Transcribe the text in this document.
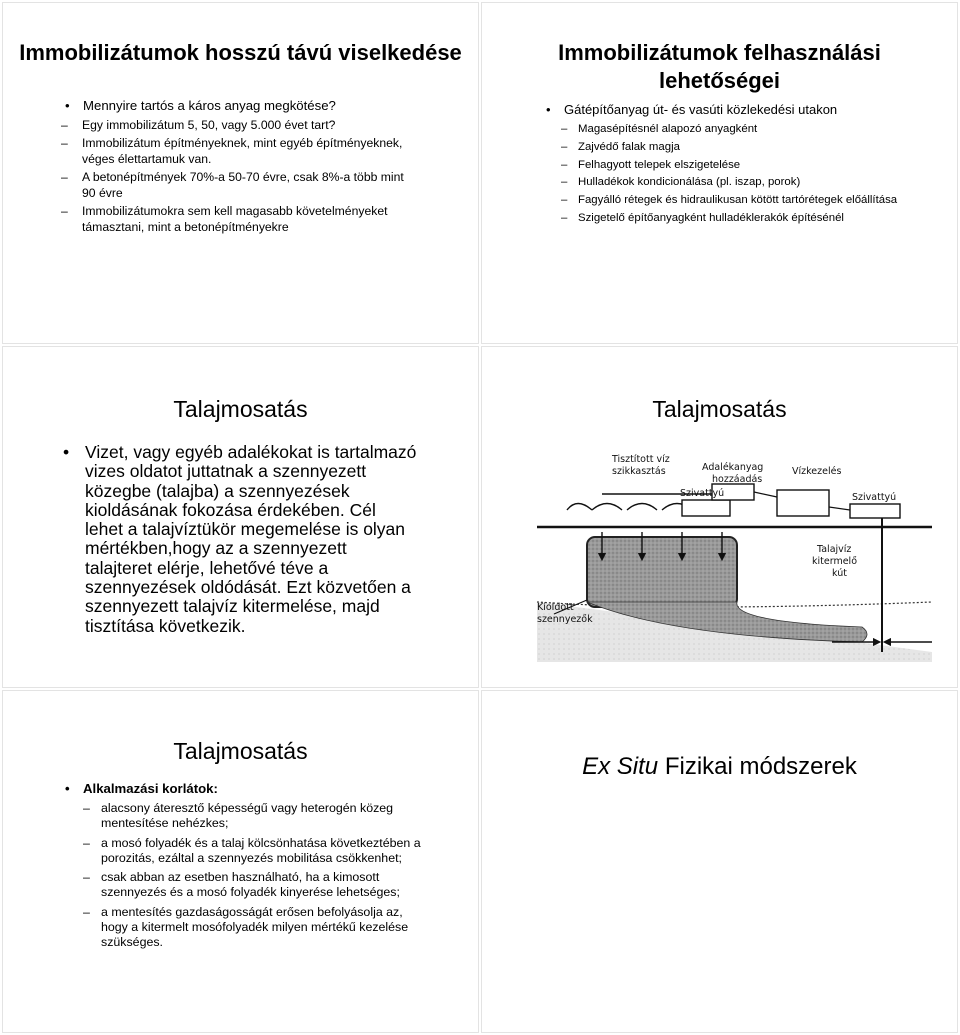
Immobilizátumok hosszú távú viselkedése
• Mennyire tartós a káros anyag megkötése?
– Egy immobilizátum 5, 50, vagy 5.000 évet tart?
– Immobilizátum építményeknek, mint egyéb építményeknek, véges élettartamuk van.
– A betonépítmények 70%-a 50-70 évre, csak 8%-a több mint 90 évre
– Immobilizátumokra sem kell magasabb követelményeket támasztani, mint a betonépítményekre
Immobilizátumok felhasználási lehetőségei
• Gátépítőanyag út- és vasúti közlekedési utakon
– Magasépítésnél alapozó anyagként
– Zajvédő falak magja
– Felhagyott telepek elszigetelése
– Hulladékok kondicionálása (pl. iszap, porok)
– Fagyálló rétegek és hidraulikusan kötött tartórétegek előállítása
– Szigetelő építőanyagként hulladéklerakók építésénél
Talajmosatás
• Vizet, vagy egyéb adalékokat is tartalmazó vizes oldatot juttatnak a szennyezett közegbe (talajba) a szennyezések kioldásának fokozása érdekében. Cél lehet a talajvíztükör megemelése is olyan mértékben,hogy az a szennyezett talajteret elérje, lehetővé téve a szennyezések oldódását. Ezt közvetően a szennyezett talajvíz kitermelése, majd tisztítása következik.
Talajmosatás
Tisztított víz
szikkasztás	Adalékanyag
hozzáadás
Vízkezelés
Szivattyú	Szivattyú
Talajvíz
kitermelő
kút
Kioldott
szennyezők
Talajmosatás
• Alkalmazási korlátok:
– alacsony áteresztő képességű vagy heterogén közeg mentesítése nehézkes;
– a mosó folyadék és a talaj kölcsönhatása következtében a porozitás, ezáltal a szennyezés mobilitása csökkenhet;
– csak abban az esetben használható, ha a kimosott szennyezés és a mosó folyadék kinyerése lehetséges;
– a mentesítés gazdaságosságát erősen befolyásolja az, hogy a kitermelt mosófolyadék milyen mértékű kezelése szükséges.
Ex Situ Fizikai módszerek
